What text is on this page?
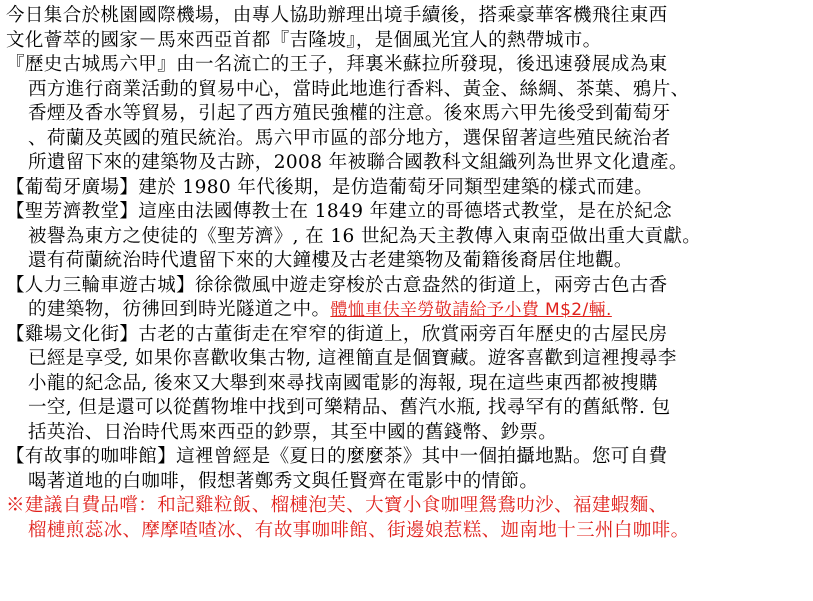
今日集合於桃園國際機場，由專人協助辦理出境手續後，搭乘豪華客機飛往東西
文化薈萃的國家－馬來西亞首都『吉隆坡』，是個風光宜人的熱帶城市。

『歷史古城馬六甲』由一名流亡的王子，拜裏米蘇拉所發現，後迅速發展成為東
西方進行商業活動的貿易中心，當時此地進行香料、黃金、絲綢、茶葉、鴉片、
香煙及香水等貿易，引起了西方殖民強權的注意。後來馬六甲先後受到葡萄牙
、荷蘭及英國的殖民統治。馬六甲市區的部分地方，選保留著這些殖民統治者
所遺留下來的建築物及古跡，2008 年被聯合國教科文組織列為世界文化遺產。

【葡萄牙廣場】建於 1980 年代後期，是仿造葡萄牙同類型建築的樣式而建。

【聖芳濟教堂】這座由法國傳教士在 1849 年建立的哥德塔式教堂，是在於紀念
被譽為東方之使徒的《聖芳濟》, 在 16 世紀為天主教傳入東南亞做出重大貢獻。
還有荷蘭統治時代遺留下來的大鐘樓及古老建築物及葡籍後裔居住地觀。

【人力三輪車遊古城】徐徐微風中遊走穿梭於古意盎然的街道上，兩旁古色古香
的建築物，彷彿回到時光隧道之中。體恤車伕辛勞敬請給予小費 M$2/輛.

【雞場文化街】古老的古董街走在窄窄的街道上，欣賞兩旁百年歷史的古屋民房
已經是享受, 如果你喜歡收集古物, 這裡簡直是個寶藏。遊客喜歡到這裡搜尋李
小龍的紀念品, 後來又大舉到來尋找南國電影的海報, 現在這些東西都被搜購
一空, 但是還可以從舊物堆中找到可樂精品、舊汽水瓶, 找尋罕有的舊紙幣. 包
括英治、日治時代馬來西亞的鈔票，其至中國的舊錢幣、鈔票。

【有故事的咖啡館】這裡曾經是《夏日的麼麼茶》其中一個拍攝地點。您可自費
喝著道地的白咖啡，假想著鄭秀文與任賢齊在電影中的情節。

※建議自費品嚐：和記雞粒飯、榴槤泡芙、大寶小食咖哩鴛鴦叻沙、福建蝦麵、
榴槤煎蕊冰、摩摩喳喳冰、有故事咖啡館、街邊娘惹糕、迦南地十三州白咖啡。
